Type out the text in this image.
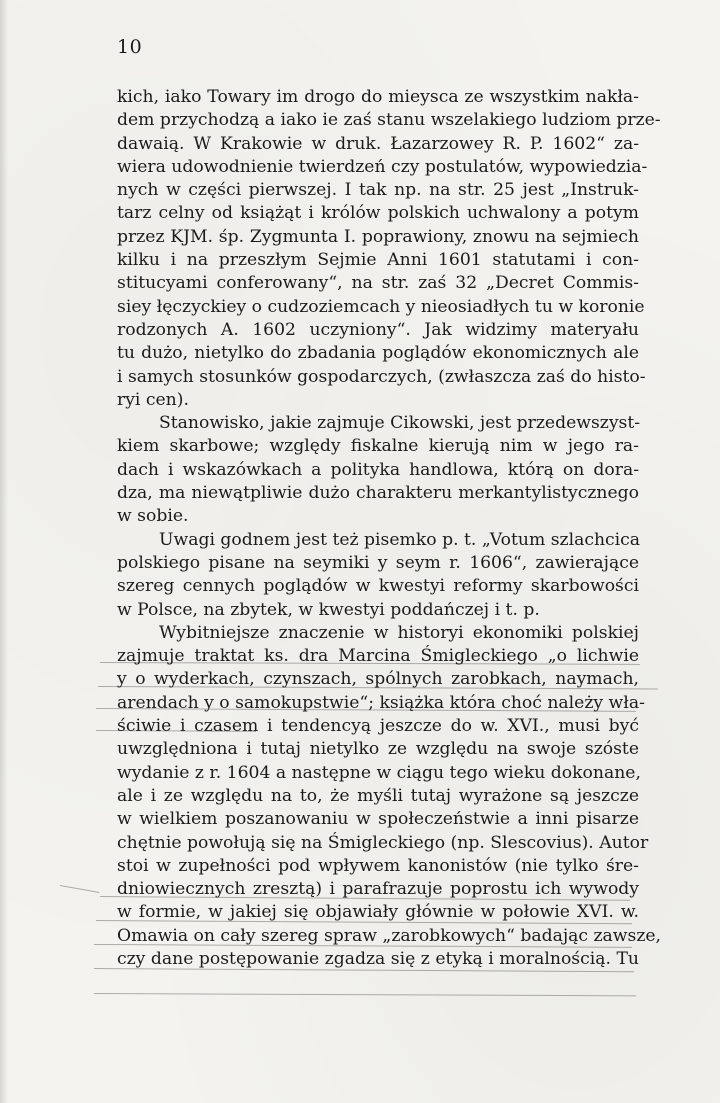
10
kich, iako Towary im drogo do mieysca ze wszystkim nakła-
dem przychodzą a iako ie zaś stanu wszelakiego ludziom prze-
dawaią. W Krakowie w druk. Łazarzowey R. P. 1602“ za-
wiera udowodnienie twierdzeń czy postulatów, wypowiedzia-
nych w części pierwszej. I tak np. na str. 25 jest „Instruk-
tarz celny od książąt i królów polskich uchwalony a potym
przez KJM. śp. Zygmunta I. poprawiony, znowu na sejmiech
kilku i na przeszłym Sejmie Anni 1601 statutami i con-
stitucyami conferowany“, na str. zaś 32 „Decret Commis-
siey łęczyckiey o cudzoziemcach y nieosiadłych tu w koronie
rodzonych A. 1602 uczyniony“. Jak widzimy materyału
tu dużo, nietylko do zbadania poglądów ekonomicznych ale
i samych stosunków gospodarczych, (zwłaszcza zaś do histo-
ryi cen).
Stanowisko, jakie zajmuje Cikowski, jest przedewszyst-
kiem skarbowe; względy fiskalne kierują nim w jego ra-
dach i wskazówkach a polityka handlowa, którą on dora-
dza, ma niewątpliwie dużo charakteru merkantylistycznego
w sobie.
Uwagi godnem jest też pisemko p. t. „Votum szlachcica
polskiego pisane na seymiki y seym r. 1606“, zawierające
szereg cennych poglądów w kwestyi reformy skarbowości
w Polsce, na zbytek, w kwestyi poddańczej i t. p.
Wybitniejsze znaczenie w historyi ekonomiki polskiej
zajmuje traktat ks. dra Marcina Śmigleckiego „o lichwie
y o wyderkach, czynszach, spólnych zarobkach, naymach,
arendach y o samokupstwie“; książka która choć należy wła-
ściwie i czasem i tendencyą jeszcze do w. XVI., musi być
uwzględniona i tutaj nietylko ze względu na swoje szóste
wydanie z r. 1604 a następne w ciągu tego wieku dokonane,
ale i ze względu na to, że myśli tutaj wyrażone są jeszcze
w wielkiem poszanowaniu w społeczeństwie a inni pisarze
chętnie powołują się na Śmigleckiego (np. Slescovius). Autor
stoi w zupełności pod wpływem kanonistów (nie tylko śre-
dniowiecznych zresztą) i parafrazuje poprostu ich wywody
w formie, w jakiej się objawiały głównie w połowie XVI. w.
Omawia on cały szereg spraw „zarobkowych“ badając zawsze,
czy dane postępowanie zgadza się z etyką i moralnością. Tu
